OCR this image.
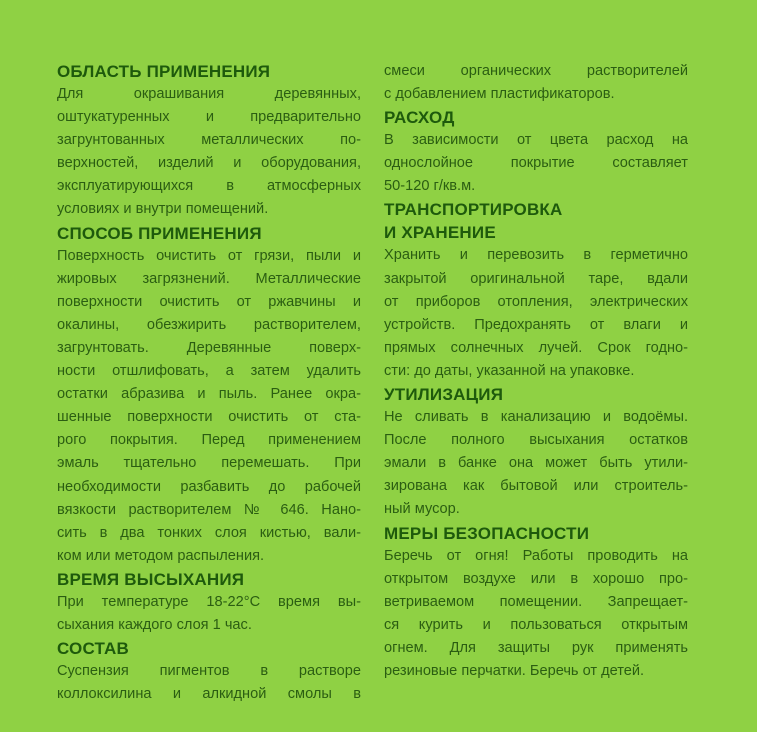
ОБЛАСТЬ ПРИМЕНЕНИЯ
Для окрашивания деревянных,
оштукатуренных и предварительно
загрунтованных металлических по-
верхностей, изделий и оборудования,
эксплуатирующихся в атмосферных
условиях и внутри помещений.
СПОСОБ ПРИМЕНЕНИЯ
Поверхность очистить от грязи, пыли и
жировых загрязнений. Металлические
поверхности очистить от ржавчины и
окалины, обезжирить растворителем,
загрунтовать. Деревянные поверх-
ности отшлифовать, а затем удалить
остатки абразива и пыль. Ранее окра-
шенные поверхности очистить от ста-
рого покрытия. Перед применением
эмаль тщательно перемешать. При
необходимости разбавить до рабочей
вязкости растворителем № 646. Нано-
сить в два тонких слоя кистью, вали-
ком или методом распыления.
ВРЕМЯ ВЫСЫХАНИЯ
При температуре 18-22°С время вы-
сыхания каждого слоя 1 час.
СОСТАВ
Суспензия пигментов в растворе
коллоксилина и алкидной смолы в
смеси органических растворителей
с добавлением пластификаторов.
РАСХОД
В зависимости от цвета расход на
однослойное покрытие составляет
50-120 г/кв.м.
ТРАНСПОРТИРОВКА
И ХРАНЕНИЕ
Хранить и перевозить в герметично
закрытой оригинальной таре, вдали
от приборов отопления, электрических
устройств. Предохранять от влаги и
прямых солнечных лучей. Срок годно-
сти: до даты, указанной на упаковке.
УТИЛИЗАЦИЯ
Не сливать в канализацию и водоёмы.
После полного высыхания остатков
эмали в банке она может быть утили-
зирована как бытовой или строитель-
ный мусор.
МЕРЫ БЕЗОПАСНОСТИ
Беречь от огня! Работы проводить на
открытом воздухе или в хорошо про-
ветриваемом помещении. Запрещает-
ся курить и пользоваться открытым
огнем. Для защиты рук применять
резиновые перчатки. Беречь от детей.
